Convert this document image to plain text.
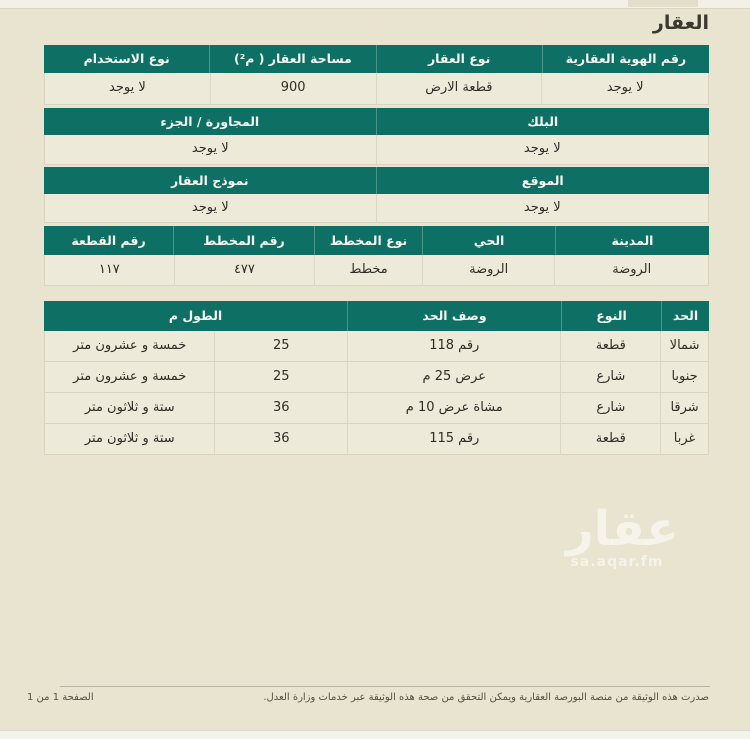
العقار
رقم الهوية العقارية
نوع العقار
مساحة العقار ( م²)
نوع الاستخدام
لا يوجد
قطعة الارض
900
لا يوجد
البلك
المجاورة / الجزء
لا يوجد
لا يوجد
الموقع
نموذج العقار
لا يوجد
لا يوجد
المدينة
الحي
نوع المخطط
رقم المخطط
رقم القطعة
الروضة
الروضة
مخطط
٤٧٧
١١٧
الحد
النوع
وصف الحد
الطول م
شمالا
قطعة
رقم 118
25
خمسة و عشرون متر
جنوبا
شارع
عرض 25 م
25
خمسة و عشرون متر
شرقا
شارع
مشاة عرض 10 م
36
ستة و ثلاثون متر
غربا
قطعة
رقم 115
36
ستة و ثلاثون متر
عقار
sa.aqar.fm
صدرت هذه الوثيقة من منصة البورصة العقارية ويمكن التحقق من صحة هذه الوثيقة عبر خدمات وزارة العدل.
الصفحة 1 من 1
